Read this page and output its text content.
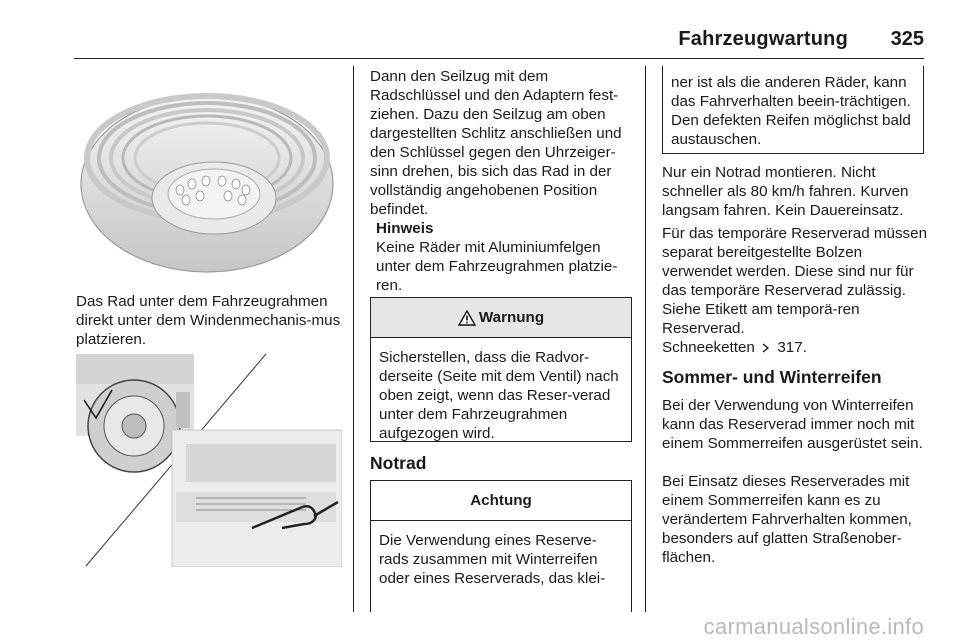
Fahrzeugwartung 325
Das Rad unter dem Fahrzeugrahmen direkt unter dem Windenmechanis-mus platzieren.

Dann den Seilzug mit dem Radschlüssel und den Adaptern fest-ziehen. Dazu den Seilzug am oben dargestellten Schlitz anschließen und den Schlüssel gegen den Uhrzeiger-sinn drehen, bis sich das Rad in der vollständig angehobenen Position befindet.

Hinweis
Keine Räder mit Aluminiumfelgen unter dem Fahrzeugrahmen platzie-ren.
Warnung
Sicherstellen, dass die Radvor-derseite (Seite mit dem Ventil) nach oben zeigt, wenn das Reser-verad unter dem Fahrzeugrahmen aufgezogen wird.
Notrad
Achtung
Die Verwendung eines Reserve-rads zusammen mit Winterreifen oder eines Reserverads, das klei-
ner ist als die anderen Räder, kann das Fahrverhalten beein-trächtigen. Den defekten Reifen möglichst bald austauschen.

Nur ein Notrad montieren. Nicht schneller als 80 km/h fahren. Kurven langsam fahren. Kein Dauereinsatz.

Für das temporäre Reserverad müssen separat bereitgestellte Bolzen verwendet werden. Diese sind nur für das temporäre Reserverad zulässig. Siehe Etikett am temporä-ren Reserverad.

Schneeketten 317.

Sommer- und Winterreifen

Bei der Verwendung von Winterreifen kann das Reserverad immer noch mit einem Sommerreifen ausgerüstet sein.

Bei Einsatz dieses Reserverades mit einem Sommerreifen kann es zu verändertem Fahrverhalten kommen, besonders auf glatten Straßenober-flächen.

carmanualsonline.info
